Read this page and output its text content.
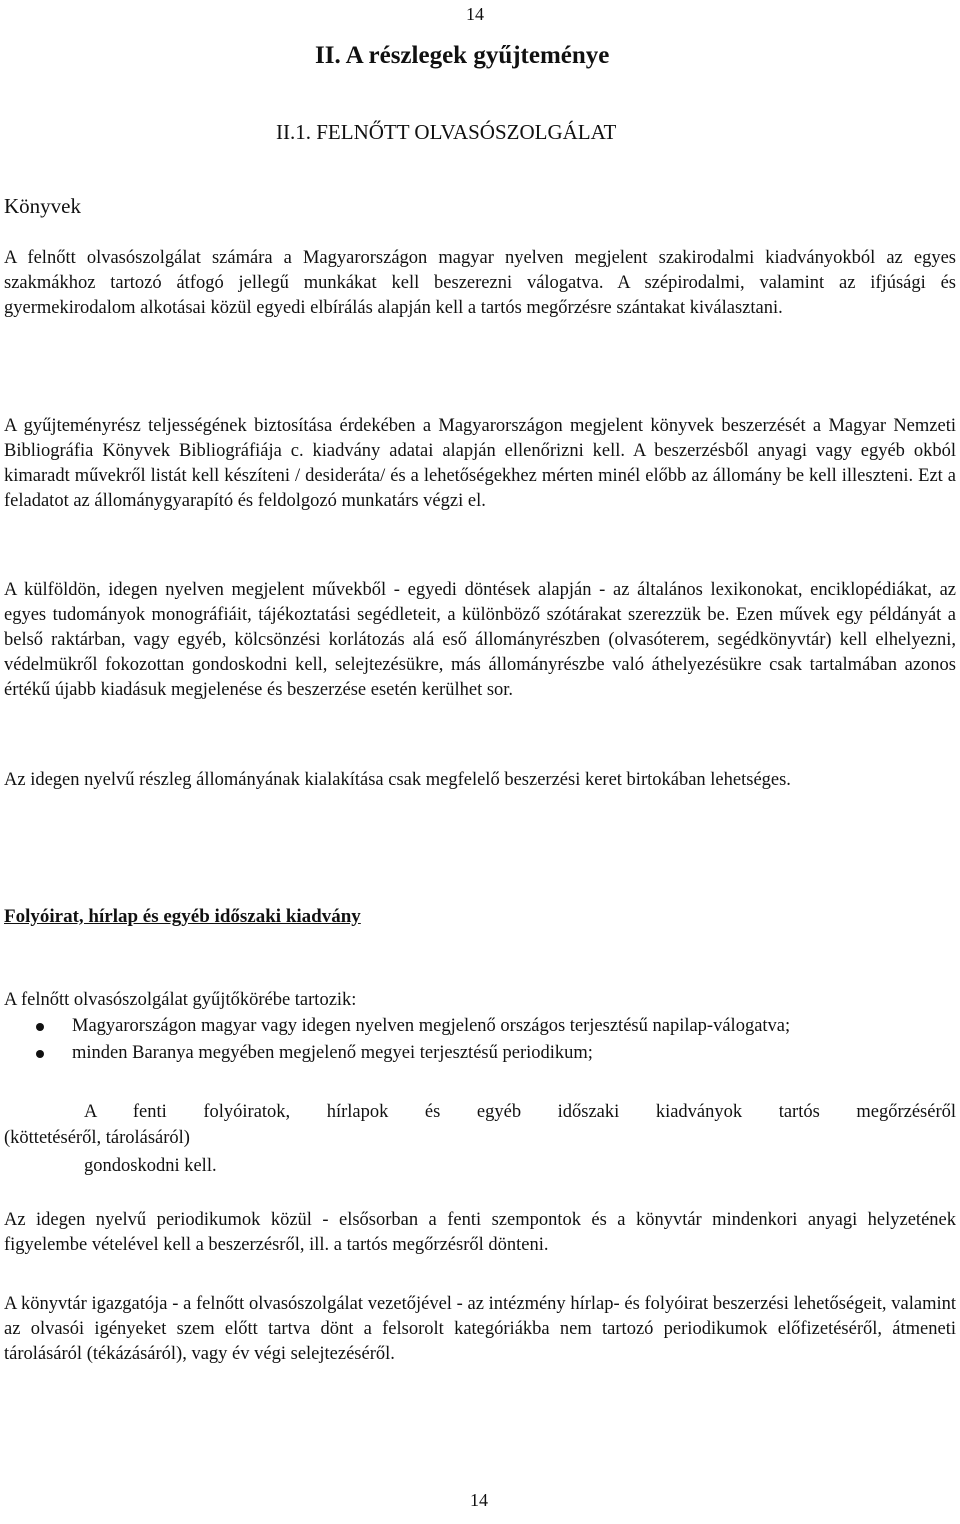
14
II. A részlegek gyűjteménye
II.1. FELNŐTT OLVASÓSZOLGÁLAT
Könyvek
A felnőtt olvasószolgálat számára a Magyarországon magyar nyelven megjelent szakirodalmi kiadványokból az egyes szakmákhoz tartozó átfogó jellegű munkákat kell beszerezni válogatva. A szépirodalmi, valamint az ifjúsági és gyermekirodalom alkotásai közül egyedi elbírálás alapján kell a tartós megőrzésre szántakat kiválasztani.
A gyűjteményrész teljességének biztosítása érdekében a Magyarországon megjelent könyvek beszerzését a Magyar Nemzeti Bibliográfia Könyvek Bibliográfiája c. kiadvány adatai alapján ellenőrizni kell. A beszerzésből anyagi vagy egyéb okból kimaradt művekről listát kell készíteni / desideráta/ és a lehetőségekhez mérten minél előbb az állomány be kell illeszteni. Ezt a feladatot az állománygyarapító és feldolgozó munkatárs végzi el.
A külföldön, idegen nyelven megjelent művekből - egyedi döntések alapján - az általános lexikonokat, enciklopédiákat, az egyes tudományok monográfiáit, tájékoztatási segédleteit, a különböző szótárakat szerezzük be. Ezen művek egy példányát a belső raktárban, vagy egyéb, kölcsönzési korlátozás alá eső állományrészben (olvasóterem, segédkönyvtár) kell elhelyezni, védelmükről fokozottan gondoskodni kell, selejtezésükre, más állományrészbe való áthelyezésükre csak tartalmában azonos értékű újabb kiadásuk megjelenése és beszerzése esetén kerülhet sor.
Az idegen nyelvű részleg állományának kialakítása csak megfelelő beszerzési keret birtokában lehetséges.
Folyóirat, hírlap és egyéb időszaki kiadvány
A felnőtt olvasószolgálat gyűjtőkörébe tartozik:
Magyarországon magyar vagy idegen nyelven megjelenő országos terjesztésű napilap-válogatva;
minden Baranya megyében megjelenő megyei terjesztésű periodikum;
A fenti folyóiratok, hírlapok és egyéb időszaki kiadványok tartós megőrzéséről
(köttetéséről, tárolásáról)
gondoskodni kell.
Az idegen nyelvű periodikumok közül - elsősorban a fenti szempontok és a könyvtár mindenkori anyagi helyzetének figyelembe vételével kell a beszerzésről, ill. a tartós megőrzésről dönteni.
A könyvtár igazgatója - a felnőtt olvasószolgálat vezetőjével - az intézmény hírlap- és folyóirat beszerzési lehetőségeit, valamint az olvasói igényeket szem előtt tartva dönt a felsorolt kategóriákba nem tartozó periodikumok előfizetéséről, átmeneti tárolásáról (tékázásáról), vagy év végi selejtezéséről.
14
